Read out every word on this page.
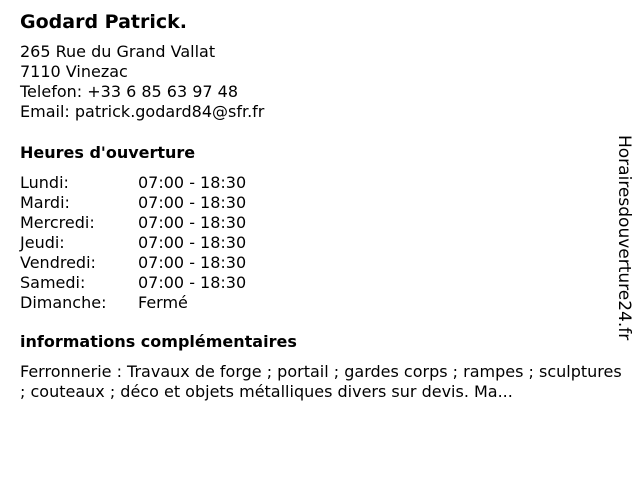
Godard Patrick.
265 Rue du Grand Vallat
7110 Vinezac
Telefon: +33 6 85 63 97 48
Email: patrick.godard84@sfr.fr
Heures d'ouverture
Lundi:	07:00 - 18:30
Mardi:	07:00 - 18:30
Mercredi:	07:00 - 18:30
Jeudi:	07:00 - 18:30
Vendredi:	07:00 - 18:30
Samedi:	07:00 - 18:30
Dimanche:	Fermé
informations complémentaires
Ferronnerie : Travaux de forge ; portail ; gardes corps ; rampes ; sculptures ; couteaux ; déco et objets métalliques divers sur devis. Ma...
Horairesdouverture24.fr
